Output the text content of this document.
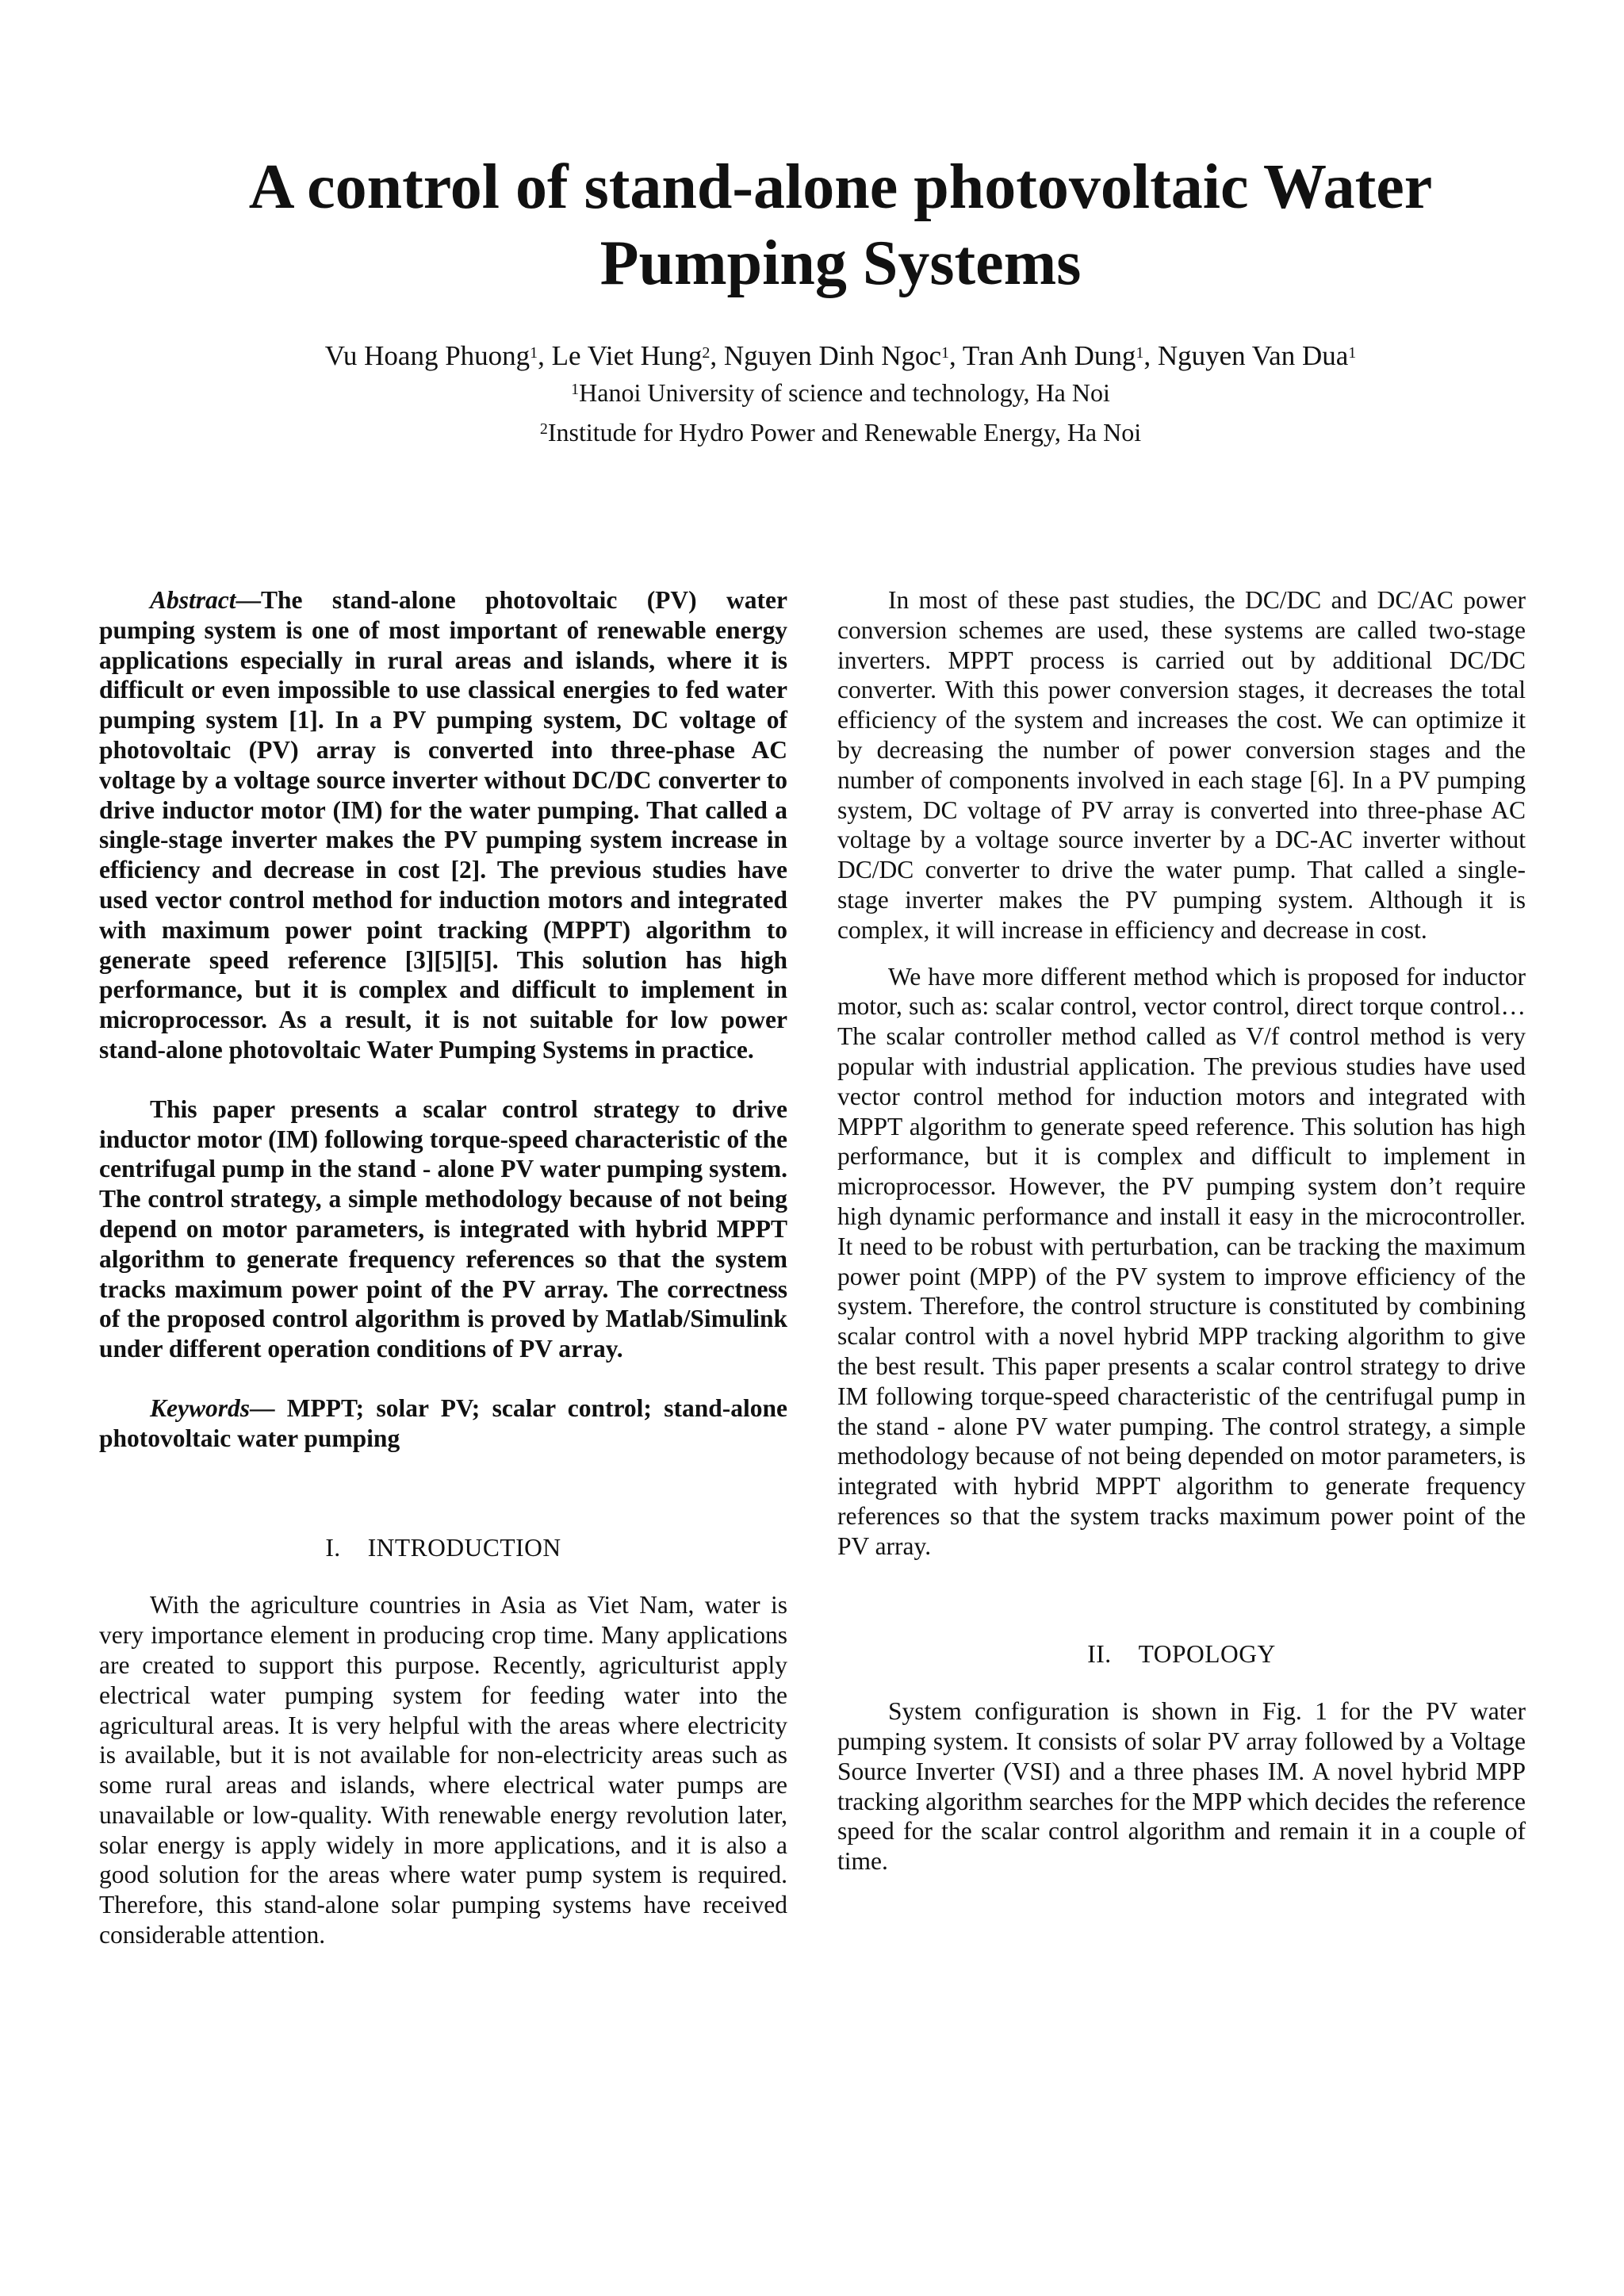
A control of stand-alone photovoltaic Water Pumping Systems
Vu Hoang Phuong$^1$, Le Viet Hung$^2$, Nguyen Dinh Ngoc$^1$, Tran Anh Dung$^1$, Nguyen Van Dua$^1$
$^1$Hanoi University of science and technology, Ha Noi
$^2$Institude for Hydro Power and Renewable Energy, Ha Noi

Abstract—The stand-alone photovoltaic (PV) water pumping system is one of most important of renewable energy applications especially in rural areas and islands, where it is difficult or even impossible to use classical energies to fed water pumping system [1]. In a PV pumping system, DC voltage of photovoltaic (PV) array is converted into three-phase AC voltage by a voltage source inverter without DC/DC converter to drive inductor motor (IM) for the water pumping. That called a single-stage inverter makes the PV pumping system increase in efficiency and decrease in cost [2]. The previous studies have used vector control method for induction motors and integrated with maximum power point tracking (MPPT) algorithm to generate speed reference [3][5][5]. This solution has high performance, but it is complex and difficult to implement in microprocessor. As a result, it is not suitable for low power stand-alone photovoltaic Water Pumping Systems in practice.

This paper presents a scalar control strategy to drive inductor motor (IM) following torque-speed characteristic of the centrifugal pump in the stand - alone PV water pumping system. The control strategy, a simple methodology because of not being depend on motor parameters, is integrated with hybrid MPPT algorithm to generate frequency references so that the system tracks maximum power point of the PV array. The correctness of the proposed control algorithm is proved by Matlab/Simulink under different operation conditions of PV array.

Keywords— MPPT; solar PV; scalar control; stand-alone photovoltaic water pumping

I. INTRODUCTION

With the agriculture countries in Asia as Viet Nam, water is very importance element in producing crop time. Many applications are created to support this purpose. Recently, agriculturist apply electrical water pumping system for feeding water into the agricultural areas. It is very helpful with the areas where electricity is available, but it is not available for non-electricity areas such as some rural areas and islands, where electrical water pumps are unavailable or low-quality. With renewable energy revolution later, solar energy is apply widely in more applications, and it is also a good solution for the areas where water pump system is required. Therefore, this stand-alone solar pumping systems have received considerable attention.

In most of these past studies, the DC/DC and DC/AC power conversion schemes are used, these systems are called two-stage inverters. MPPT process is carried out by additional DC/DC converter. With this power conversion stages, it decreases the total efficiency of the system and increases the cost. We can optimize it by decreasing the number of power conversion stages and the number of components involved in each stage [6]. In a PV pumping system, DC voltage of PV array is converted into three-phase AC voltage by a voltage source inverter by a DC-AC inverter without DC/DC converter to drive the water pump. That called a single-stage inverter makes the PV pumping system. Although it is complex, it will increase in efficiency and decrease in cost.

We have more different method which is proposed for inductor motor, such as: scalar control, vector control, direct torque control… The scalar controller method called as V/f control method is very popular with industrial application. The previous studies have used vector control method for induction motors and integrated with MPPT algorithm to generate speed reference. This solution has high performance, but it is complex and difficult to implement in microprocessor. However, the PV pumping system don’t require high dynamic performance and install it easy in the microcontroller. It need to be robust with perturbation, can be tracking the maximum power point (MPP) of the PV system to improve efficiency of the system. Therefore, the control structure is constituted by combining scalar control with a novel hybrid MPP tracking algorithm to give the best result. This paper presents a scalar control strategy to drive IM following torque-speed characteristic of the centrifugal pump in the stand - alone PV water pumping. The control strategy, a simple methodology because of not being depended on motor parameters, is integrated with hybrid MPPT algorithm to generate frequency references so that the system tracks maximum power point of the PV array.

II. TOPOLOGY

System configuration is shown in Fig. 1 for the PV water pumping system. It consists of solar PV array followed by a Voltage Source Inverter (VSI) and a three phases IM. A novel hybrid MPP tracking algorithm searches for the MPP which decides the reference speed for the scalar control algorithm and remain it in a couple of time.
